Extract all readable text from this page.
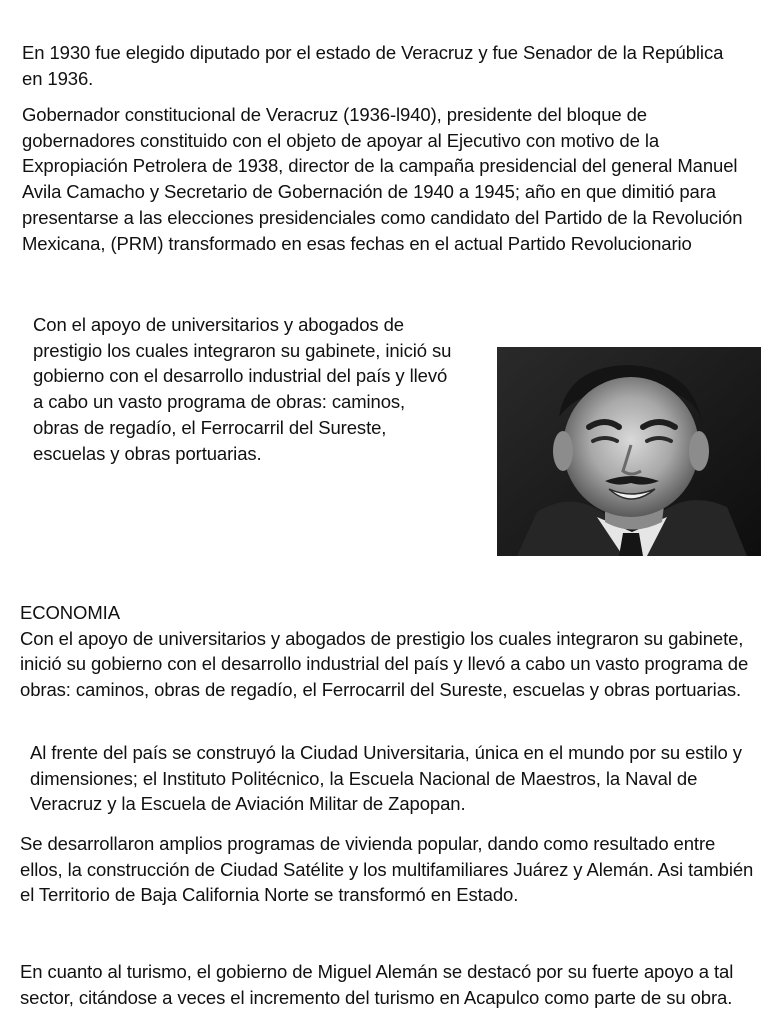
En 1930 fue elegido diputado por el estado de Veracruz y fue Senador de la República en 1936.

Gobernador constitucional de Veracruz (1936-l940), presidente del bloque de gobernadores constituido con el objeto de apoyar al Ejecutivo con motivo de la Expropiación Petrolera de 1938, director de la campaña presidencial del general Manuel Avila Camacho y Secretario de Gobernación de 1940 a 1945; año en que dimitió para presentarse a las elecciones presidenciales como candidato del Partido de la Revolución Mexicana, (PRM) transformado en esas fechas en el actual Partido Revolucionario

Con el apoyo de universitarios y abogados de prestigio los cuales integraron su gabinete, inició su gobierno con el desarrollo industrial del país y llevó a cabo un vasto programa de obras: caminos, obras de regadío, el Ferrocarril del Sureste, escuelas y obras portuarias.

ECONOMIA
Con el apoyo de universitarios y abogados de prestigio los cuales integraron su gabinete, inició su gobierno con el desarrollo industrial del país y llevó a cabo un vasto programa de obras: caminos, obras de regadío, el Ferrocarril del Sureste, escuelas y obras portuarias.

Al frente del país se construyó la Ciudad Universitaria, única en el mundo por su estilo y dimensiones; el Instituto Politécnico, la Escuela Nacional de Maestros, la Naval de Veracruz y la Escuela de Aviación Militar de Zapopan.

Se desarrollaron amplios programas de vivienda popular, dando como resultado entre ellos, la construcción de Ciudad Satélite y los multifamiliares Juárez y Alemán. Asi también el Territorio de Baja California Norte se transformó en Estado.

En cuanto al turismo, el gobierno de Miguel Alemán se destacó por su fuerte apoyo a tal sector, citándose a veces el incremento del turismo en Acapulco como parte de su obra.
